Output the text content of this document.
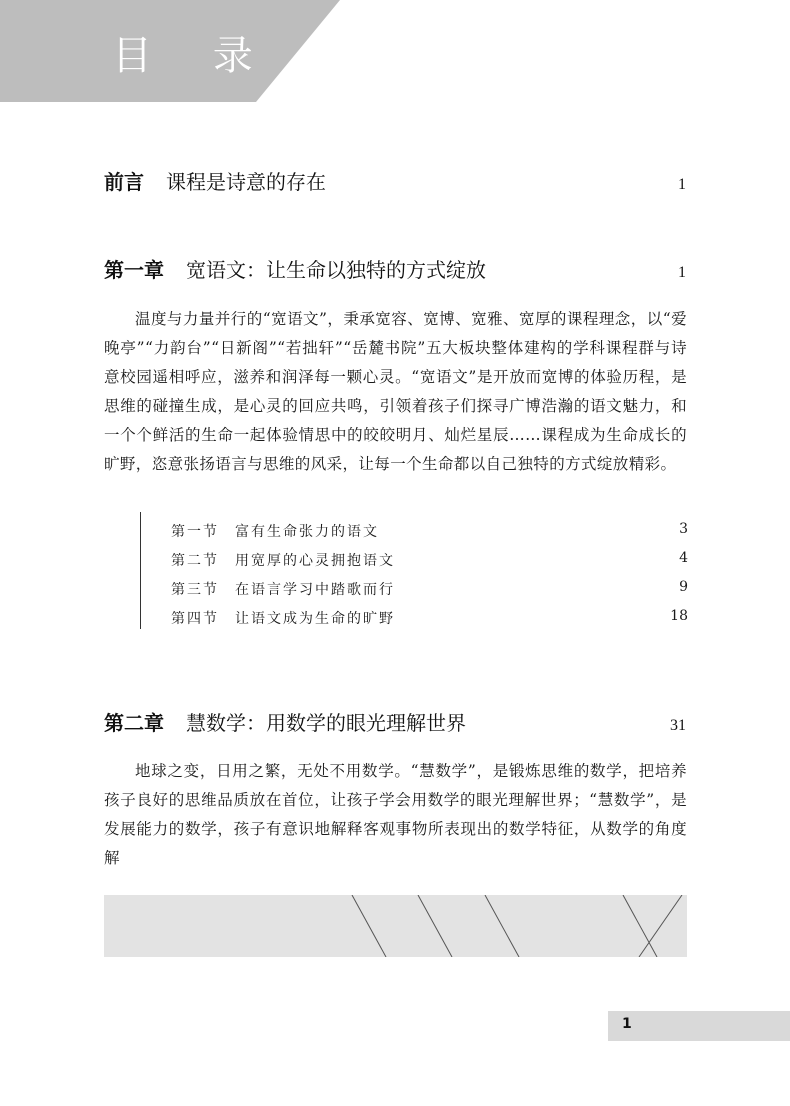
目 录
前言 课程是诗意的存在	1
第一章 宽语文：让生命以独特的方式绽放	1
温度与力量并行的“宽语文”，秉承宽容、宽博、宽雅、宽厚的课程理念，以“爱晚亭”“力韵台”“日新阁”“若拙轩”“岳麓书院”五大板块整体建构的学科课程群与诗意校园遥相呼应，滋养和润泽每一颗心灵。“宽语文”是开放而宽博的体验历程，是思维的碰撞生成，是心灵的回应共鸣，引领着孩子们探寻广博浩瀚的语文魅力，和一个个鲜活的生命一起体验情思中的皎皎明月、灿烂星辰……课程成为生命成长的旷野，恣意张扬语言与思维的风采，让每一个生命都以自己独特的方式绽放精彩。
第一节	富有生命张力的语文	3
第二节	用宽厚的心灵拥抱语文	4
第三节	在语言学习中踏歌而行	9
第四节	让语文成为生命的旷野	18
第二章 慧数学：用数学的眼光理解世界	31
地球之变，日用之繁，无处不用数学。“慧数学”，是锻炼思维的数学，把培养孩子良好的思维品质放在首位，让孩子学会用数学的眼光理解世界；“慧数学”，是发展能力的数学，孩子有意识地解释客观事物所表现出的数学特征，从数学的角度解
1
